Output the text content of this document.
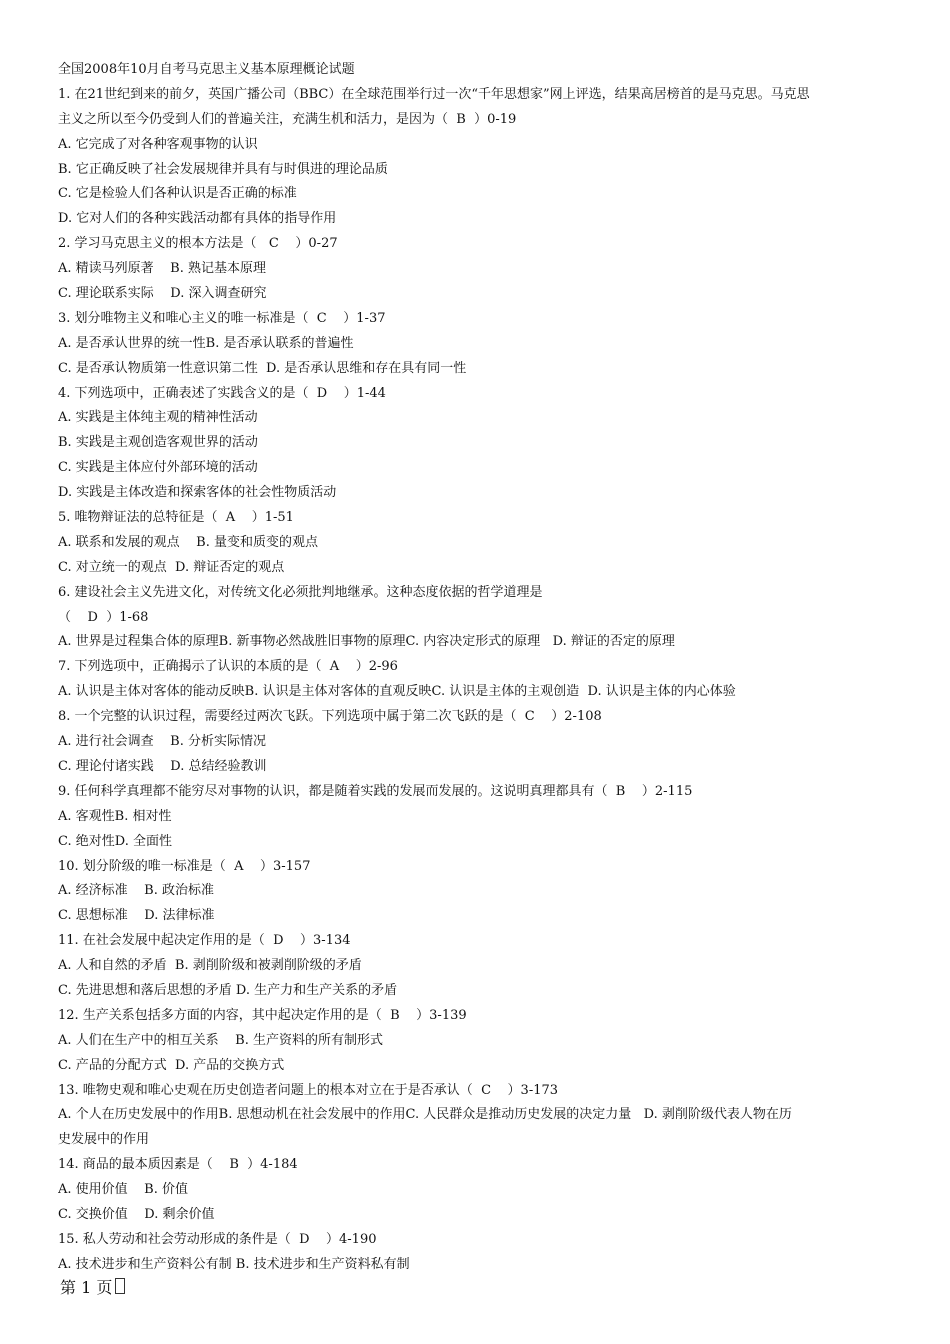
全国2008年10月自考马克思主义基本原理概论试题
1. 在21世纪到来的前夕，英国广播公司（BBC）在全球范围举行过一次“千年思想家”网上评选，结果高居榜首的是马克思。马克思
主义之所以至今仍受到人们的普遍关注，充满生机和活力，是因为（  B  ）0-19
A. 它完成了对各种客观事物的认识
B. 它正确反映了社会发展规律并具有与时俱进的理论品质
C. 它是检验人们各种认识是否正确的标准
D. 它对人们的各种实践活动都有具体的指导作用
2. 学习马克思主义的根本方法是（   C    ）0-27
A. 精读马列原著    B. 熟记基本原理
C. 理论联系实际    D. 深入调查研究
3. 划分唯物主义和唯心主义的唯一标准是（  C    ）1-37
A. 是否承认世界的统一性B. 是否承认联系的普遍性
C. 是否承认物质第一性意识第二性  D. 是否承认思维和存在具有同一性
4. 下列选项中，正确表述了实践含义的是（  D    ）1-44
A. 实践是主体纯主观的精神性活动
B. 实践是主观创造客观世界的活动
C. 实践是主体应付外部环境的活动
D. 实践是主体改造和探索客体的社会性物质活动
5. 唯物辩证法的总特征是（  A    ）1-51
A. 联系和发展的观点    B. 量变和质变的观点
C. 对立统一的观点  D. 辩证否定的观点
6. 建设社会主义先进文化，对传统文化必须批判地继承。这种态度依据的哲学道理是
（    D  ）1-68
A. 世界是过程集合体的原理B. 新事物必然战胜旧事物的原理C. 内容决定形式的原理   D. 辩证的否定的原理
7. 下列选项中，正确揭示了认识的本质的是（  A    ）2-96
A. 认识是主体对客体的能动反映B. 认识是主体对客体的直观反映C. 认识是主体的主观创造  D. 认识是主体的内心体验
8. 一个完整的认识过程，需要经过两次飞跃。下列选项中属于第二次飞跃的是（  C    ）2-108
A. 进行社会调查    B. 分析实际情况
C. 理论付诸实践    D. 总结经验教训
9. 任何科学真理都不能穷尽对事物的认识，都是随着实践的发展而发展的。这说明真理都具有（  B    ）2-115
A. 客观性B. 相对性
C. 绝对性D. 全面性
10. 划分阶级的唯一标准是（  A    ）3-157
A. 经济标准    B. 政治标准
C. 思想标准    D. 法律标准
11. 在社会发展中起决定作用的是（  D    ）3-134
A. 人和自然的矛盾  B. 剥削阶级和被剥削阶级的矛盾
C. 先进思想和落后思想的矛盾 D. 生产力和生产关系的矛盾
12. 生产关系包括多方面的内容，其中起决定作用的是（  B    ）3-139
A. 人们在生产中的相互关系    B. 生产资料的所有制形式
C. 产品的分配方式  D. 产品的交换方式
13. 唯物史观和唯心史观在历史创造者问题上的根本对立在于是否承认（  C    ）3-173
A. 个人在历史发展中的作用B. 思想动机在社会发展中的作用C. 人民群众是推动历史发展的决定力量   D. 剥削阶级代表人物在历
史发展中的作用
14. 商品的最本质因素是（    B  ）4-184
A. 使用价值    B. 价值
C. 交换价值    D. 剩余价值
15. 私人劳动和社会劳动形成的条件是（  D    ）4-190
A. 技术进步和生产资料公有制 B. 技术进步和生产资料私有制
第 1 页
